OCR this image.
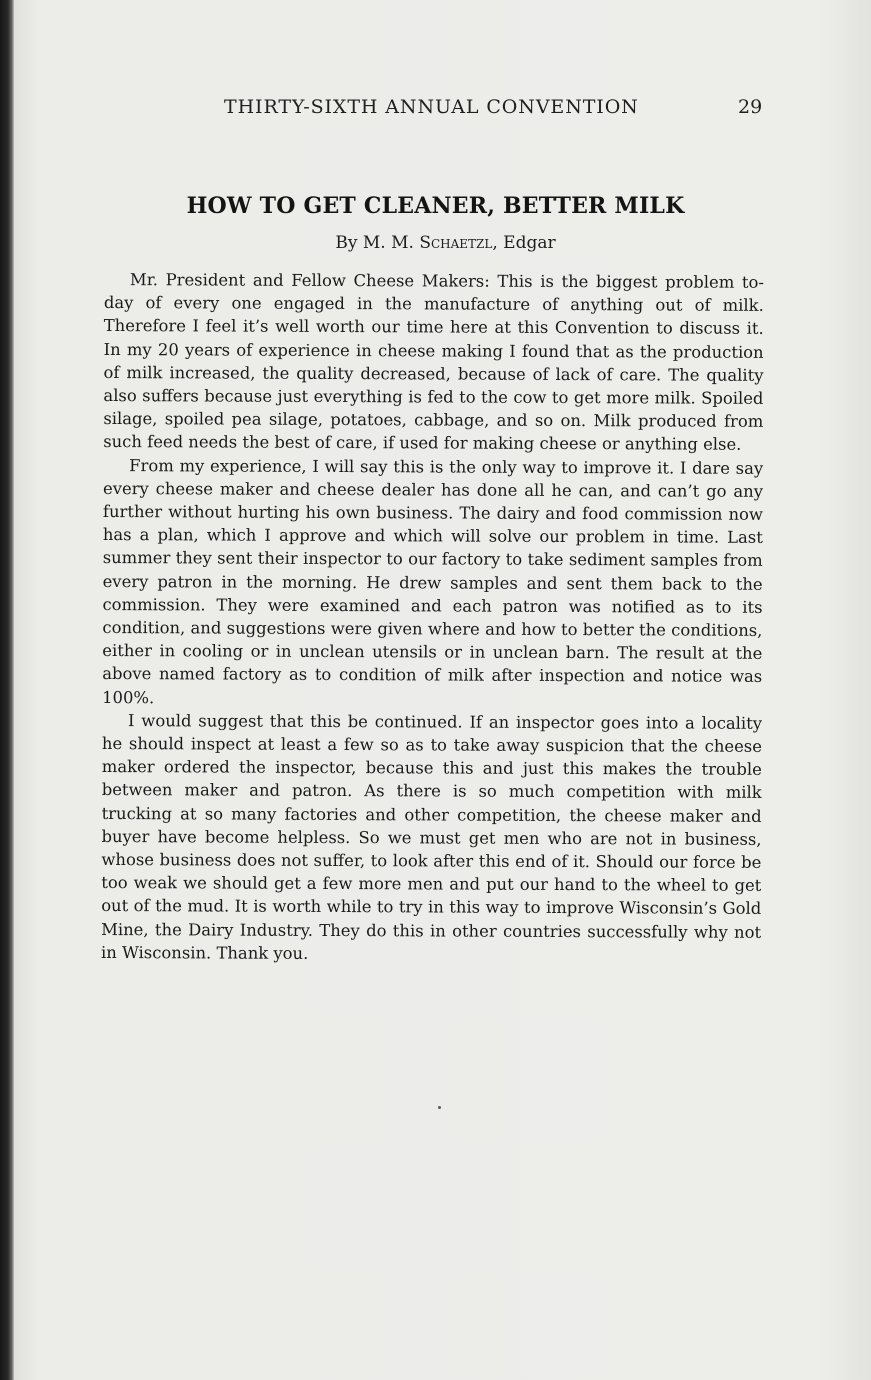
THIRTY-SIXTH ANNUAL CONVENTION	29
HOW TO GET CLEANER, BETTER MILK
By M. M. Schaetzl, Edgar

Mr. President and Fellow Cheese Makers: This is the biggest problem to-day of every one engaged in the manufacture of anything out of milk. Therefore I feel it’s well worth our time here at this Convention to discuss it. In my 20 years of experience in cheese making I found that as the production of milk increased, the quality decreased, because of lack of care. The quality also suffers because just everything is fed to the cow to get more milk. Spoiled silage, spoiled pea silage, potatoes, cabbage, and so on. Milk produced from such feed needs the best of care, if used for making cheese or anything else.

From my experience, I will say this is the only way to improve it. I dare say every cheese maker and cheese dealer has done all he can, and can’t go any further without hurting his own business. The dairy and food commission now has a plan, which I approve and which will solve our problem in time. Last summer they sent their inspector to our factory to take sediment samples from every patron in the morning. He drew samples and sent them back to the commission. They were examined and each patron was notified as to its condition, and suggestions were given where and how to better the conditions, either in cooling or in unclean utensils or in unclean barn. The result at the above named factory as to condition of milk after inspection and notice was 100%.

I would suggest that this be continued. If an inspector goes into a locality he should inspect at least a few so as to take away suspicion that the cheese maker ordered the inspector, because this and just this makes the trouble between maker and patron. As there is so much competition with milk trucking at so many factories and other competition, the cheese maker and buyer have become helpless. So we must get men who are not in business, whose business does not suffer, to look after this end of it. Should our force be too weak we should get a few more men and put our hand to the wheel to get out of the mud. It is worth while to try in this way to improve Wisconsin’s Gold Mine, the Dairy Industry. They do this in other countries successfully why not in Wisconsin. Thank you.
